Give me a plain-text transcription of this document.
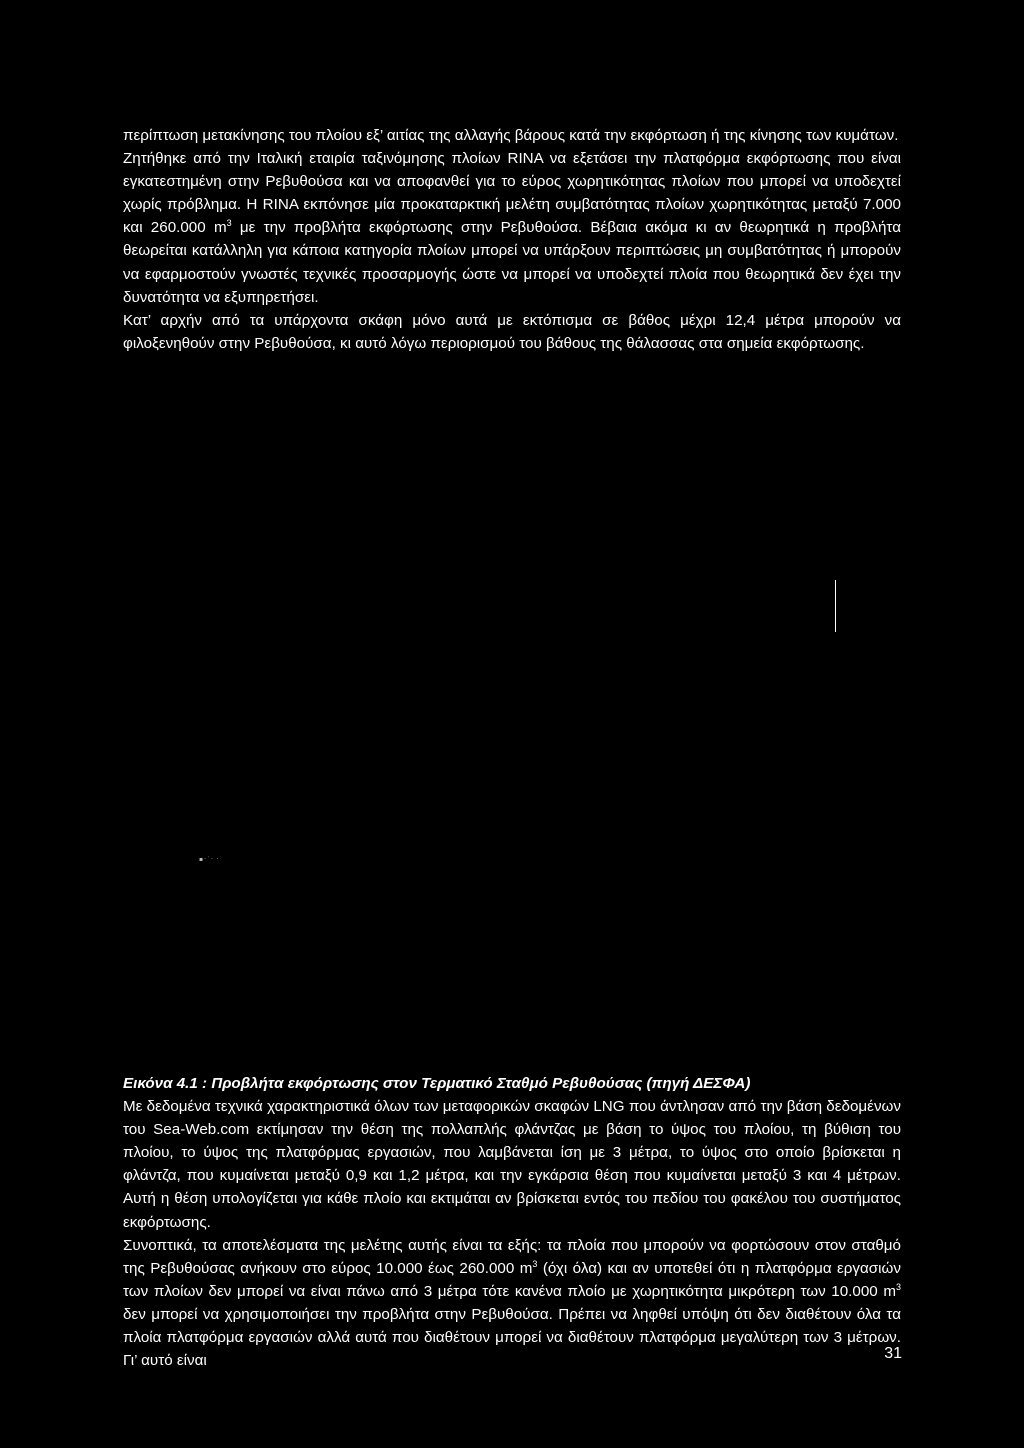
περίπτωση μετακίνησης του πλοίου εξ’ αιτίας της αλλαγής βάρους κατά την εκφόρτωση ή της κίνησης των κυμάτων.

Ζητήθηκε από την Ιταλική εταιρία ταξινόμησης πλοίων RINA να εξετάσει την πλατφόρμα εκφόρτωσης που είναι εγκατεστημένη στην Ρεβυθούσα και να αποφανθεί για το εύρος χωρητικότητας πλοίων που μπορεί να υποδεχτεί χωρίς πρόβλημα. Η RINA εκπόνησε μία προκαταρκτική μελέτη συμβατότητας πλοίων χωρητικότητας μεταξύ 7.000 και 260.000 $m^3$ με την προβλήτα εκφόρτωσης στην Ρεβυθούσα. Βέβαια ακόμα κι αν θεωρητικά η προβλήτα θεωρείται κατάλληλη για κάποια κατηγορία πλοίων μπορεί να υπάρξουν περιπτώσεις μη συμβατότητας ή μπορούν να εφαρμοστούν γνωστές τεχνικές προσαρμογής ώστε να μπορεί να υποδεχτεί πλοία που θεωρητικά δεν έχει την δυνατότητα να εξυπηρετήσει.

Κατ’ αρχήν από τα υπάρχοντα σκάφη μόνο αυτά με εκτόπισμα σε βάθος μέχρι 12,4 μέτρα μπορούν να φιλοξενηθούν στην Ρεβυθούσα, κι αυτό λόγω περιορισμού του βάθους της θάλασσας στα σημεία εκφόρτωσης.

▪︎·˙· ·

Εικόνα 4.1 : Προβλήτα εκφόρτωσης στον Τερματικό Σταθμό Ρεβυθούσας (πηγή ΔΕΣΦΑ)

Με δεδομένα τεχνικά χαρακτηριστικά όλων των μεταφορικών σκαφών LNG που άντλησαν από την βάση δεδομένων του Sea-Web.com εκτίμησαν την θέση της πολλαπλής φλάντζας με βάση το ύψος του πλοίου, τη βύθιση του πλοίου, το ύψος της πλατφόρμας εργασιών, που λαμβάνεται ίση με 3 μέτρα, το ύψος στο οποίο βρίσκεται η φλάντζα, που κυμαίνεται μεταξύ 0,9 και 1,2 μέτρα, και την εγκάρσια θέση που κυμαίνεται μεταξύ 3 και 4 μέτρων. Αυτή η θέση υπολογίζεται για κάθε πλοίο και εκτιμάται αν βρίσκεται εντός του πεδίου του φακέλου του συστήματος εκφόρτωσης.

Συνοπτικά, τα αποτελέσματα της μελέτης αυτής είναι τα εξής: τα πλοία που μπορούν να φορτώσουν στον σταθμό της Ρεβυθούσας ανήκουν στο εύρος 10.000 έως 260.000 $m^3$ (όχι όλα) και αν υποτεθεί ότι η πλατφόρμα εργασιών των πλοίων δεν μπορεί να είναι πάνω από 3 μέτρα τότε κανένα πλοίο με χωρητικότητα μικρότερη των 10.000 $m^3$ δεν μπορεί να χρησιμοποιήσει την προβλήτα στην Ρεβυθούσα. Πρέπει να ληφθεί υπόψη ότι δεν διαθέτουν όλα τα πλοία πλατφόρμα εργασιών αλλά αυτά που διαθέτουν μπορεί να διαθέτουν πλατφόρμα μεγαλύτερη των 3 μέτρων. Γι’ αυτό είναι	31
